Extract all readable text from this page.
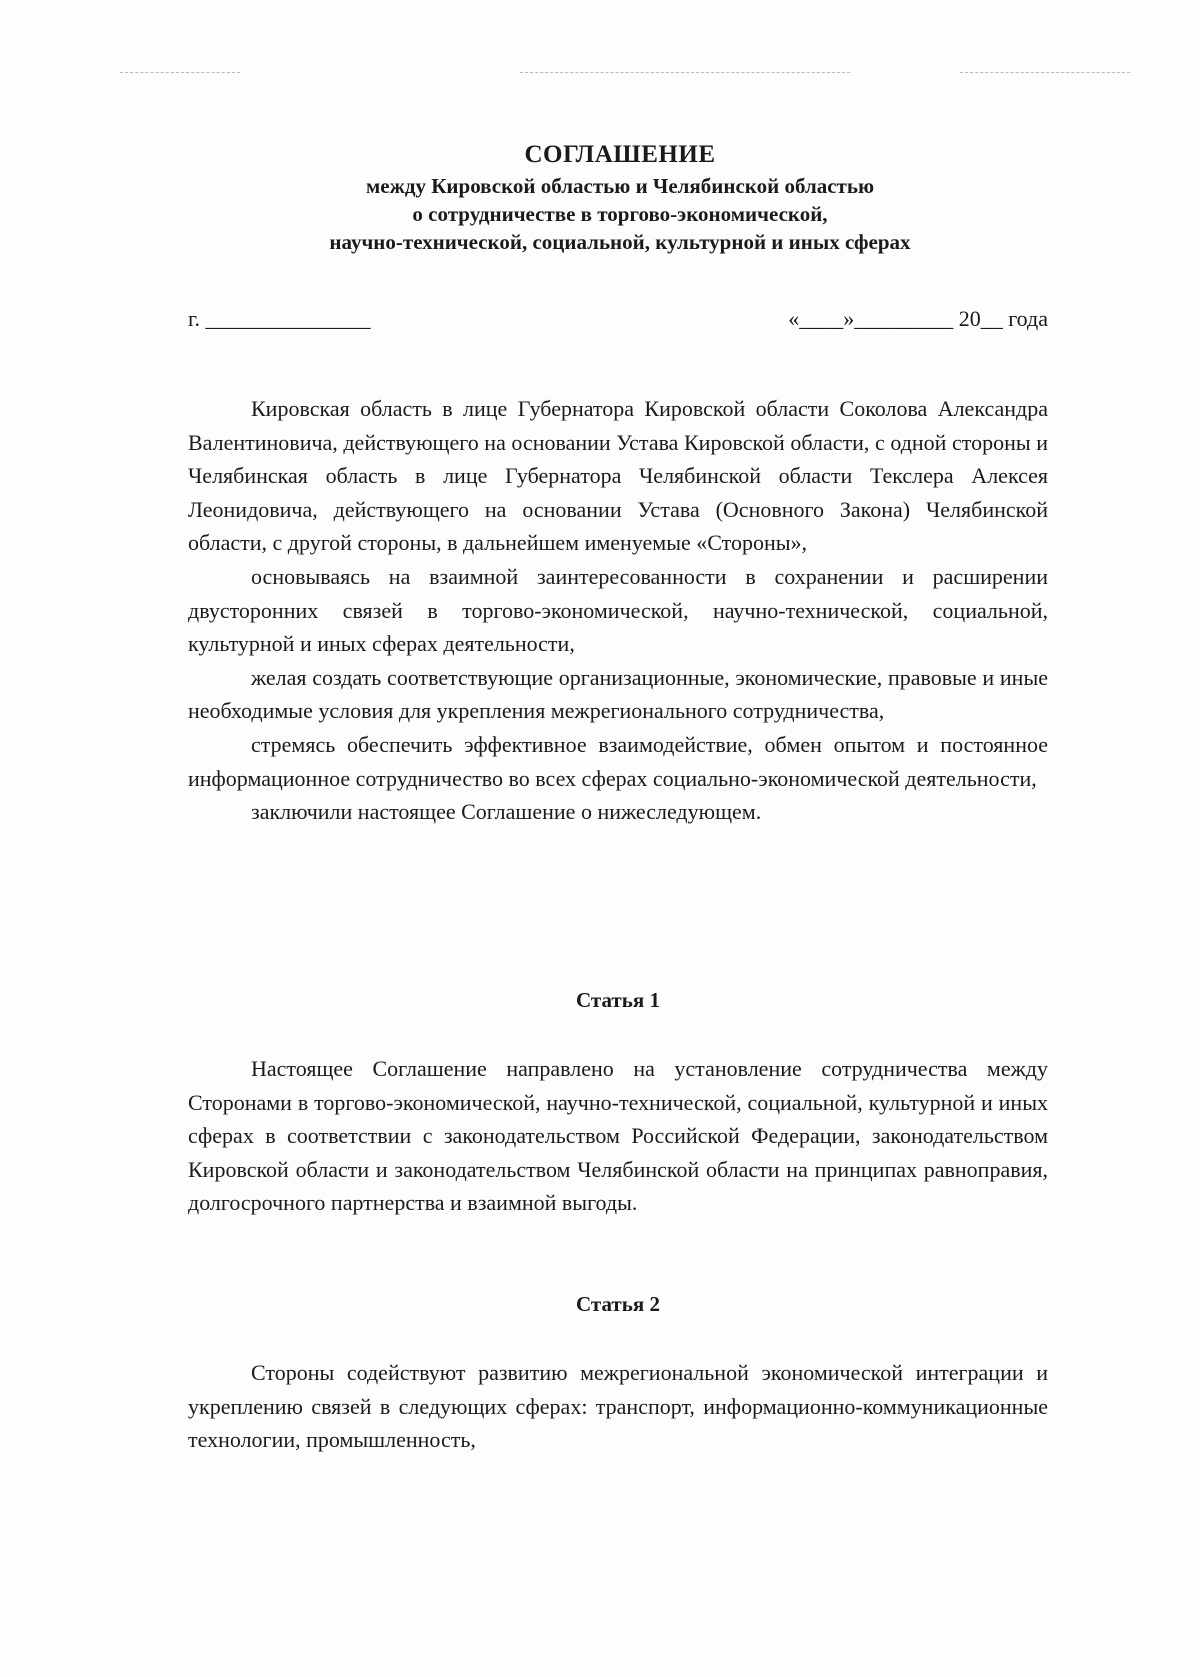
СОГЛАШЕНИЕ
между Кировской областью и Челябинской областью
о сотрудничестве в торгово-экономической,
научно-технической, социальной, культурной и иных сферах
г. _______________	«____»_________ 20__ года

Кировская область в лице Губернатора Кировской области Соколова Александра Валентиновича, действующего на основании Устава Кировской области, с одной стороны и Челябинская область в лице Губернатора Челябинской области Текслера Алексея Леонидовича, действующего на основании Устава (Основного Закона) Челябинской области, с другой стороны, в дальнейшем именуемые «Стороны»,

основываясь на взаимной заинтересованности в сохранении и расширении двусторонних связей в торгово-экономической, научно-технической, социальной, культурной и иных сферах деятельности,

желая создать соответствующие организационные, экономические, правовые и иные необходимые условия для укрепления межрегионального сотрудничества,

стремясь обеспечить эффективное взаимодействие, обмен опытом и постоянное информационное сотрудничество во всех сферах социально-экономической деятельности,

заключили настоящее Соглашение о нижеследующем.

Статья 1

Настоящее Соглашение направлено на установление сотрудничества между Сторонами в торгово-экономической, научно-технической, социальной, культурной и иных сферах в соответствии с законодательством Российской Федерации, законодательством Кировской области и законодательством Челябинской области на принципах равноправия, долгосрочного партнерства и взаимной выгоды.

Статья 2

Стороны содействуют развитию межрегиональной экономической интеграции и укреплению связей в следующих сферах: транспорт, информационно-коммуникационные технологии, промышленность,
